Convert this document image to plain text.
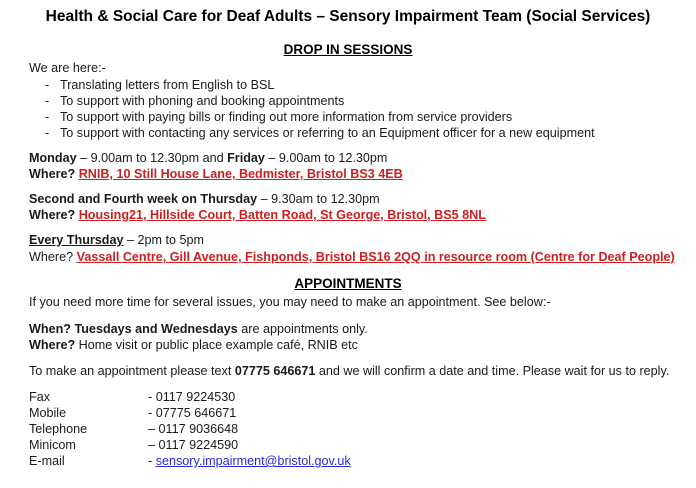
Health & Social Care for Deaf Adults – Sensory Impairment Team (Social Services)
DROP IN SESSIONS
We are here:-
- Translating letters from English to BSL
- To support with phoning and booking appointments
- To support with paying bills or finding out more information from service providers
- To support with contacting any services or referring to an Equipment officer for a new equipment
Monday – 9.00am to 12.30pm and Friday – 9.00am to 12.30pm
Where? RNIB, 10 Still House Lane, Bedmister, Bristol BS3 4EB
Second and Fourth week on Thursday – 9.30am to 12.30pm
Where? Housing21, Hillside Court, Batten Road, St George, Bristol, BS5 8NL
Every Thursday – 2pm to 5pm
Where? Vassall Centre, Gill Avenue, Fishponds, Bristol BS16 2QQ in resource room (Centre for Deaf People)
APPOINTMENTS
If you need more time for several issues, you may need to make an appointment. See below:-
When? Tuesdays and Wednesdays are appointments only.
Where? Home visit or public place example café, RNIB etc
To make an appointment please text 07775 646671 and we will confirm a date and time. Please wait for us to reply.
Fax	- 0117 9224530
Mobile	- 07775 646671
Telephone	– 0117 9036648
Minicom	– 0117 9224590
E-mail	- sensory.impairment@bristol.gov.uk
